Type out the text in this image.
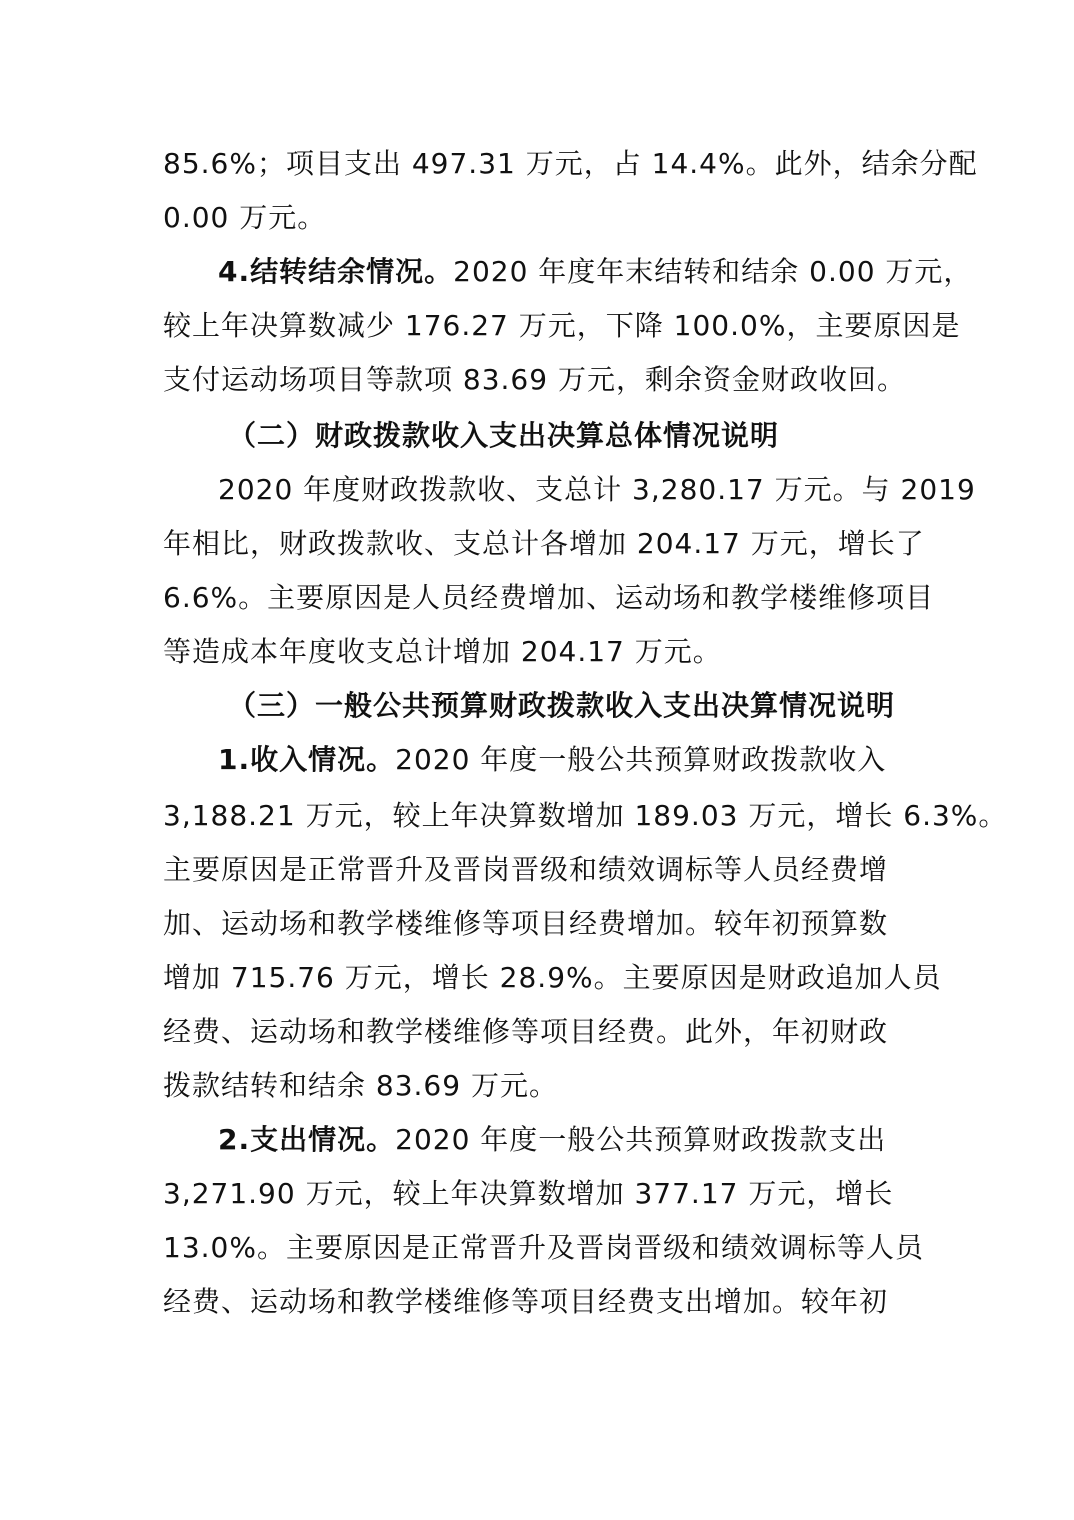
85.6%；项目支出 497.31 万元，占 14.4%。此外，结余分配
0.00 万元。
4.结转结余情况。2020 年度年末结转和结余 0.00 万元，
较上年决算数减少 176.27 万元，下降 100.0%，主要原因是
支付运动场项目等款项 83.69 万元，剩余资金财政收回。
（二）财政拨款收入支出决算总体情况说明
2020 年度财政拨款收、支总计 3,280.17 万元。与 2019
年相比，财政拨款收、支总计各增加 204.17 万元，增长了
6.6%。主要原因是人员经费增加、运动场和教学楼维修项目
等造成本年度收支总计增加 204.17 万元。
（三）一般公共预算财政拨款收入支出决算情况说明
1.收入情况。2020 年度一般公共预算财政拨款收入
3,188.21 万元，较上年决算数增加 189.03 万元，增长 6.3%。
主要原因是正常晋升及晋岗晋级和绩效调标等人员经费增
加、运动场和教学楼维修等项目经费增加。较年初预算数
增加 715.76 万元，增长 28.9%。主要原因是财政追加人员
经费、运动场和教学楼维修等项目经费。此外，年初财政
拨款结转和结余 83.69 万元。
2.支出情况。2020 年度一般公共预算财政拨款支出
3,271.90 万元，较上年决算数增加 377.17 万元，增长
13.0%。主要原因是正常晋升及晋岗晋级和绩效调标等人员
经费、运动场和教学楼维修等项目经费支出增加。较年初
